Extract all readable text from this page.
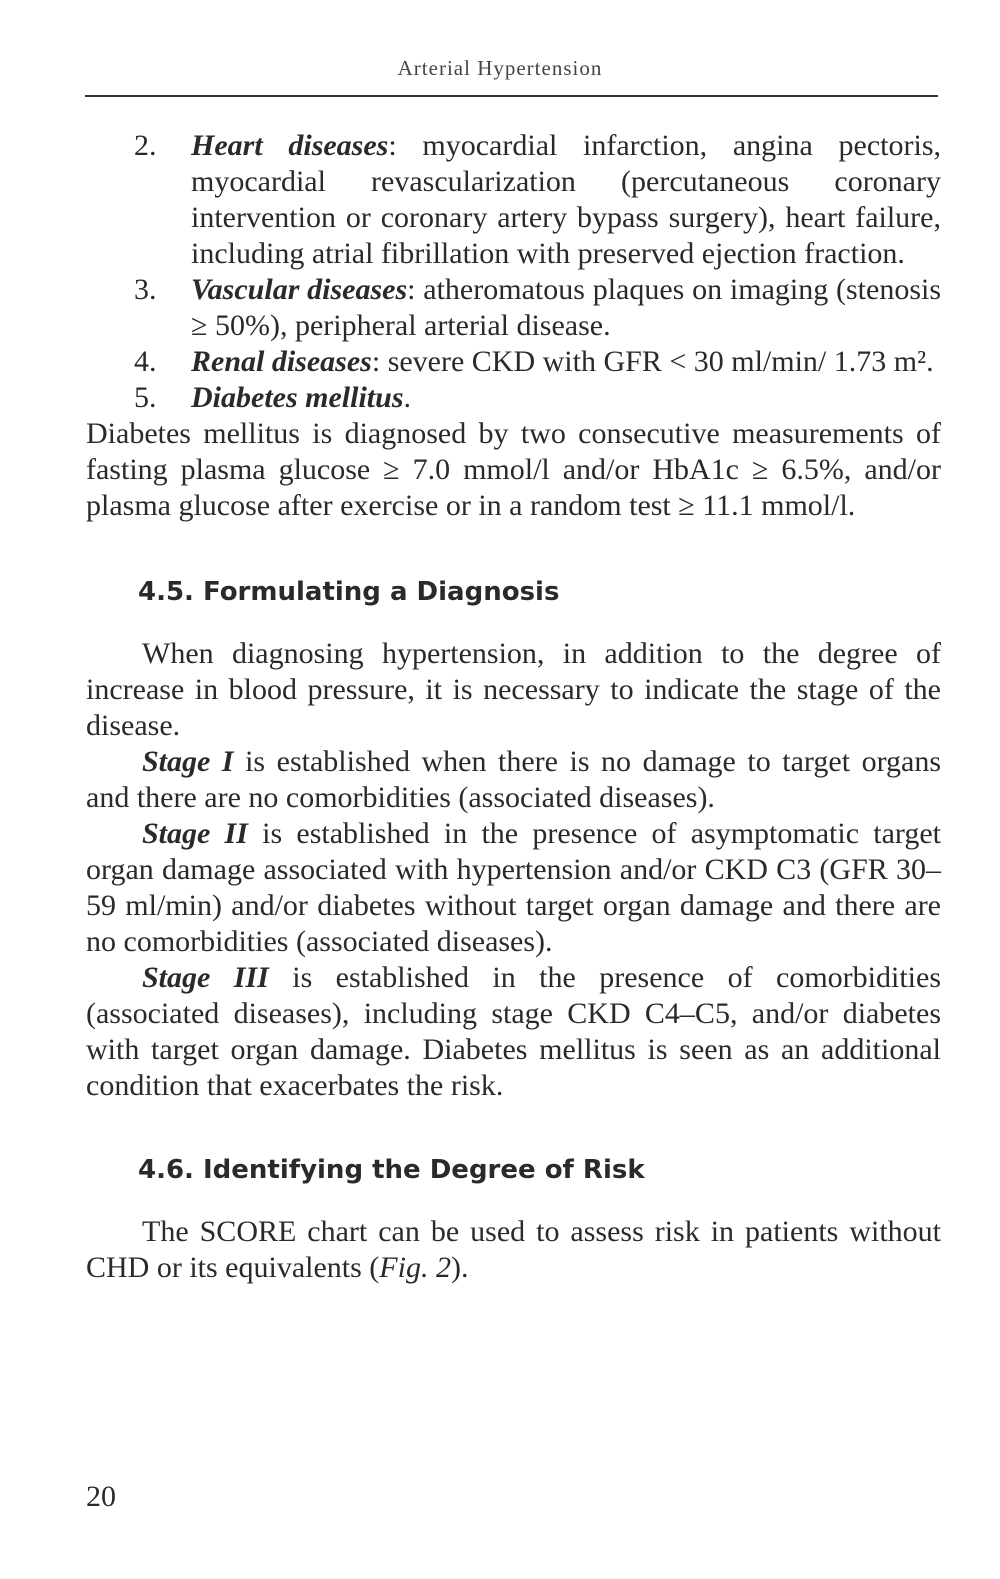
Arterial Hypertension
2.	Heart diseases: myocardial infarction, angina pectoris, myocardial revascularization (percutaneous coronary intervention or coronary artery bypass surgery), heart failure, including atrial fibrillation with preserved ejection fraction.
3.	Vascular diseases: atheromatous plaques on imaging (stenosis ≥ 50%), peripheral arterial disease.
4.	Renal diseases: severe CKD with GFR < 30 ml/min/ 1.73 m².
5.	Diabetes mellitus.

Diabetes mellitus is diagnosed by two consecutive measurements of fasting plasma glucose ≥ 7.0 mmol/l and/or HbA1c ≥ 6.5%, and/or plasma glucose after exercise or in a random test ≥ 11.1 mmol/l.

4.5. Formulating a Diagnosis

When diagnosing hypertension, in addition to the degree of increase in blood pressure, it is necessary to indicate the stage of the disease.

Stage I is established when there is no damage to target organs and there are no comorbidities (associated diseases).

Stage II is established in the presence of asymptomatic target organ damage associated with hypertension and/or CKD C3 (GFR 30–59 ml/min) and/or diabetes without target organ damage and there are no comorbidities (associated diseases).

Stage III is established in the presence of comorbidities (associated diseases), including stage CKD C4–C5, and/or diabetes with target organ damage. Diabetes mellitus is seen as an additional condition that exacerbates the risk.

4.6. Identifying the Degree of Risk

The SCORE chart can be used to assess risk in patients without CHD or its equivalents (Fig. 2).

20
